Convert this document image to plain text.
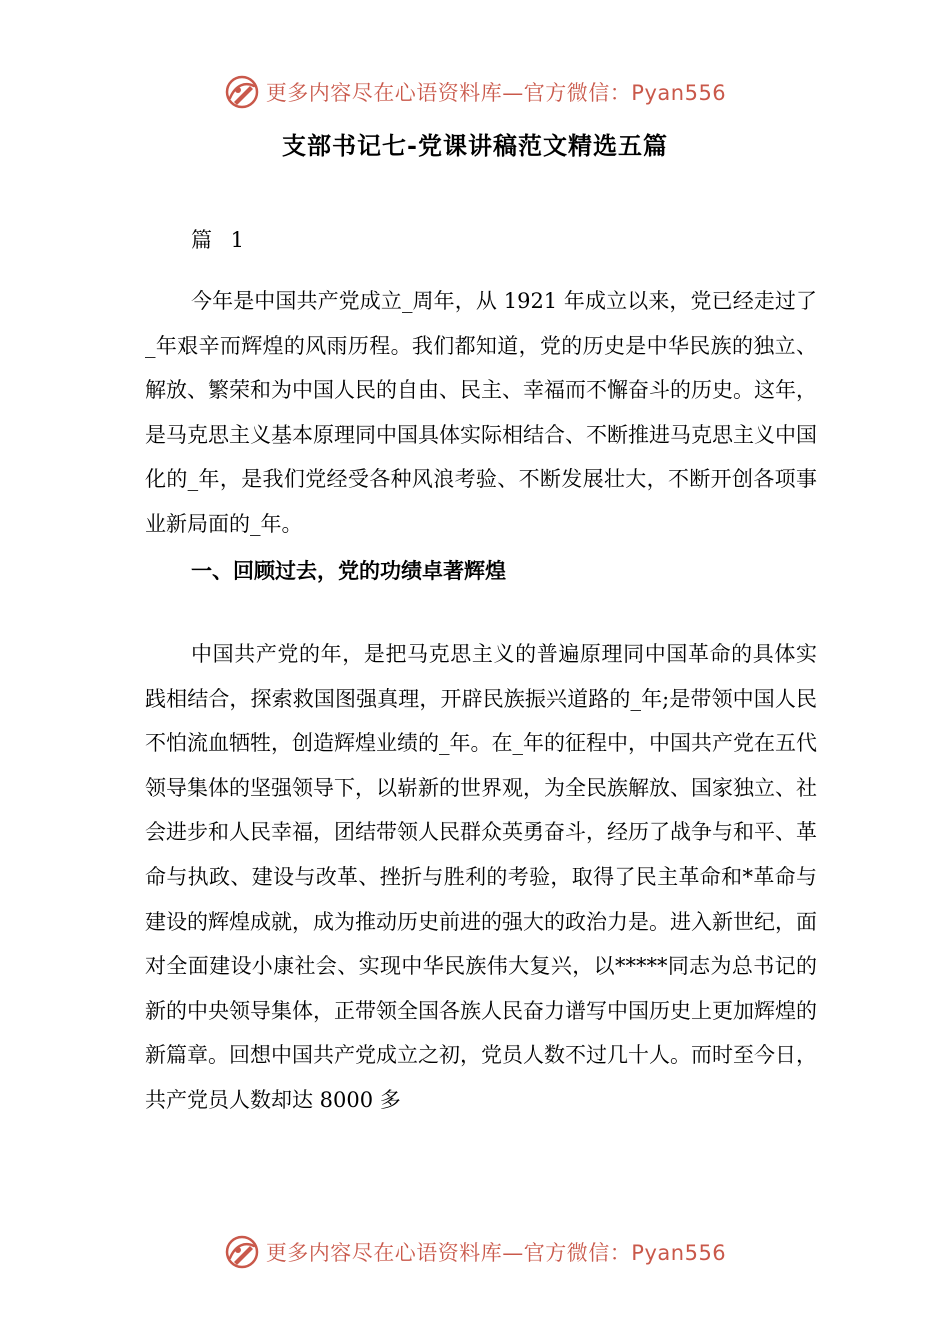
更多内容尽在心语资料库—官方微信：Pyan556
支部书记七-党课讲稿范文精选五篇
篇 1

今年是中国共产党成立_周年，从 1921 年成立以来，党已经走过了_年艰辛而辉煌的风雨历程。我们都知道，党的历史是中华民族的独立、解放、繁荣和为中国人民的自由、民主、幸福而不懈奋斗的历史。这年，是马克思主义基本原理同中国具体实际相结合、不断推进马克思主义中国化的_年，是我们党经受各种风浪考验、不断发展壮大，不断开创各项事业新局面的_年。

一、回顾过去，党的功绩卓著辉煌

中国共产党的年，是把马克思主义的普遍原理同中国革命的具体实践相结合，探索救国图强真理，开辟民族振兴道路的_年;是带领中国人民不怕流血牺牲，创造辉煌业绩的_年。在_年的征程中，中国共产党在五代领导集体的坚强领导下，以崭新的世界观，为全民族解放、国家独立、社会进步和人民幸福，团结带领人民群众英勇奋斗，经历了战争与和平、革命与执政、建设与改革、挫折与胜利的考验，取得了民主革命和*革命与建设的辉煌成就，成为推动历史前进的强大的政治力是。进入新世纪，面对全面建设小康社会、实现中华民族伟大复兴，以*****同志为总书记的新的中央领导集体，正带领全国各族人民奋力谱写中国历史上更加辉煌的新篇章。回想中国共产党成立之初，党员人数不过几十人。而时至今日，共产党员人数却达 8000 多

更多内容尽在心语资料库—官方微信：Pyan556
